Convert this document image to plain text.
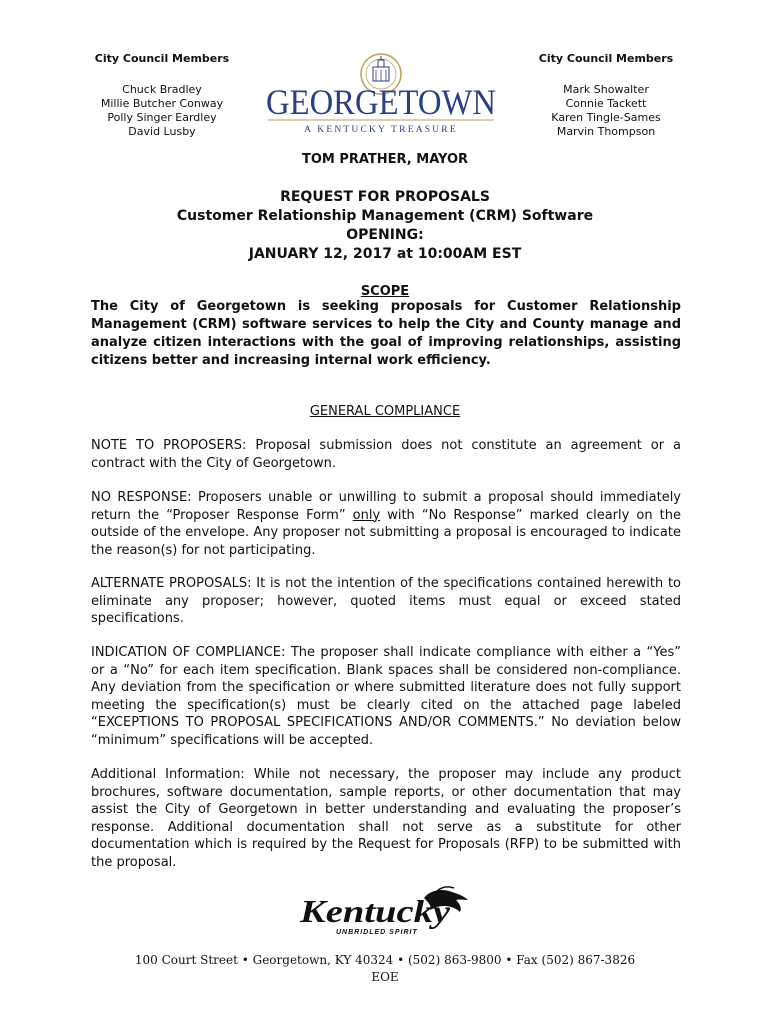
City Council Members
Chuck Bradley
Millie Butcher Conway
Polly Singer Eardley
David Lusby
GEORGETOWN
A KENTUCKY TREASURE
City Council Members
Mark Showalter
Connie Tackett
Karen Tingle-Sames
Marvin Thompson
TOM PRATHER, MAYOR
REQUEST FOR PROPOSALS
Customer Relationship Management (CRM) Software
OPENING:
JANUARY 12, 2017 at 10:00AM EST
SCOPE
The City of Georgetown is seeking proposals for Customer Relationship Management (CRM) software services to help the City and County manage and analyze citizen interactions with the goal of improving relationships, assisting citizens better and increasing internal work efficiency.
GENERAL COMPLIANCE
NOTE TO PROPOSERS: Proposal submission does not constitute an agreement or a contract with the City of Georgetown.
NO RESPONSE: Proposers unable or unwilling to submit a proposal should immediately return the “Proposer Response Form” only with “No Response” marked clearly on the outside of the envelope. Any proposer not submitting a proposal is encouraged to indicate the reason(s) for not participating.
ALTERNATE PROPOSALS: It is not the intention of the specifications contained herewith to eliminate any proposer; however, quoted items must equal or exceed stated specifications.
INDICATION OF COMPLIANCE: The proposer shall indicate compliance with either a “Yes” or a “No” for each item specification. Blank spaces shall be considered non-compliance. Any deviation from the specification or where submitted literature does not fully support meeting the specification(s) must be clearly cited on the attached page labeled “EXCEPTIONS TO PROPOSAL SPECIFICATIONS AND/OR COMMENTS.” No deviation below “minimum” specifications will be accepted.
Additional Information: While not necessary, the proposer may include any product brochures, software documentation, sample reports, or other documentation that may assist the City of Georgetown in better understanding and evaluating the proposer’s response. Additional documentation shall not serve as a substitute for other documentation which is required by the Request for Proposals (RFP) to be submitted with the proposal.
Kentucky
UNBRIDLED SPIRIT
100 Court Street • Georgetown, KY 40324 • (502) 863-9800 • Fax (502) 867-3826
EOE
